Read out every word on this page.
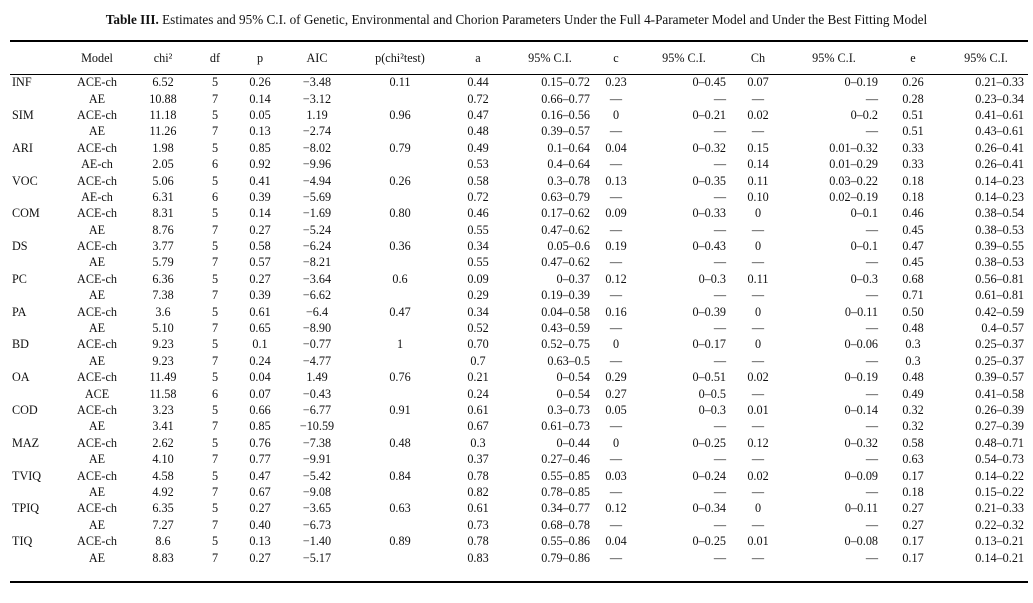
Table III. Estimates and 95% C.I. of Genetic, Environmental and Chorion Parameters Under the Full 4-Parameter Model and Under the Best Fitting Model
	Model	chi²	df	p	AIC	p(chi²test)	a	95% C.I.	c	95% C.I.	Ch	95% C.I.	e	95% C.I.
INF	ACE-ch	6.52	5	0.26	−3.48	0.11	0.44	0.15–0.72	0.23	0–0.45	0.07	0–0.19	0.26	0.21–0.33
	AE	10.88	7	0.14	−3.12		0.72	0.66–0.77	—	—	—	—	0.28	0.23–0.34
SIM	ACE-ch	11.18	5	0.05	1.19	0.96	0.47	0.16–0.56	0	0–0.21	0.02	0–0.2	0.51	0.41–0.61
	AE	11.26	7	0.13	−2.74		0.48	0.39–0.57	—	—	—	—	0.51	0.43–0.61
ARI	ACE-ch	1.98	5	0.85	−8.02	0.79	0.49	0.1–0.64	0.04	0–0.32	0.15	0.01–0.32	0.33	0.26–0.41
	AE-ch	2.05	6	0.92	−9.96		0.53	0.4–0.64	—	—	0.14	0.01–0.29	0.33	0.26–0.41
VOC	ACE-ch	5.06	5	0.41	−4.94	0.26	0.58	0.3–0.78	0.13	0–0.35	0.11	0.03–0.22	0.18	0.14–0.23
	AE-ch	6.31	6	0.39	−5.69		0.72	0.63–0.79	—	—	0.10	0.02–0.19	0.18	0.14–0.23
COM	ACE-ch	8.31	5	0.14	−1.69	0.80	0.46	0.17–0.62	0.09	0–0.33	0	0–0.1	0.46	0.38–0.54
	AE	8.76	7	0.27	−5.24		0.55	0.47–0.62	—	—	—	—	0.45	0.38–0.53
DS	ACE-ch	3.77	5	0.58	−6.24	0.36	0.34	0.05–0.6	0.19	0–0.43	0	0–0.1	0.47	0.39–0.55
	AE	5.79	7	0.57	−8.21		0.55	0.47–0.62	—	—	—	—	0.45	0.38–0.53
PC	ACE-ch	6.36	5	0.27	−3.64	0.6	0.09	0–0.37	0.12	0–0.3	0.11	0–0.3	0.68	0.56–0.81
	AE	7.38	7	0.39	−6.62		0.29	0.19–0.39	—	—	—	—	0.71	0.61–0.81
PA	ACE-ch	3.6	5	0.61	−6.4	0.47	0.34	0.04–0.58	0.16	0–0.39	0	0–0.11	0.50	0.42–0.59
	AE	5.10	7	0.65	−8.90		0.52	0.43–0.59	—	—	—	—	0.48	0.4–0.57
BD	ACE-ch	9.23	5	0.1	−0.77	1	0.70	0.52–0.75	0	0–0.17	0	0–0.06	0.3	0.25–0.37
	AE	9.23	7	0.24	−4.77		0.7	0.63–0.5	—	—	—	—	0.3	0.25–0.37
OA	ACE-ch	11.49	5	0.04	1.49	0.76	0.21	0–0.54	0.29	0–0.51	0.02	0–0.19	0.48	0.39–0.57
	ACE	11.58	6	0.07	−0.43		0.24	0–0.54	0.27	0–0.5	—	—	0.49	0.41–0.58
COD	ACE-ch	3.23	5	0.66	−6.77	0.91	0.61	0.3–0.73	0.05	0–0.3	0.01	0–0.14	0.32	0.26–0.39
	AE	3.41	7	0.85	−10.59		0.67	0.61–0.73	—	—	—	—	0.32	0.27–0.39
MAZ	ACE-ch	2.62	5	0.76	−7.38	0.48	0.3	0–0.44	0	0–0.25	0.12	0–0.32	0.58	0.48–0.71
	AE	4.10	7	0.77	−9.91		0.37	0.27–0.46	—	—	—	—	0.63	0.54–0.73
TVIQ	ACE-ch	4.58	5	0.47	−5.42	0.84	0.78	0.55–0.85	0.03	0–0.24	0.02	0–0.09	0.17	0.14–0.22
	AE	4.92	7	0.67	−9.08		0.82	0.78–0.85	—	—	—	—	0.18	0.15–0.22
TPIQ	ACE-ch	6.35	5	0.27	−3.65	0.63	0.61	0.34–0.77	0.12	0–0.34	0	0–0.11	0.27	0.21–0.33
	AE	7.27	7	0.40	−6.73		0.73	0.68–0.78	—	—	—	—	0.27	0.22–0.32
TIQ	ACE-ch	8.6	5	0.13	−1.40	0.89	0.78	0.55–0.86	0.04	0–0.25	0.01	0–0.08	0.17	0.13–0.21
	AE	8.83	7	0.27	−5.17		0.83	0.79–0.86	—	—	—	—	0.17	0.14–0.21
